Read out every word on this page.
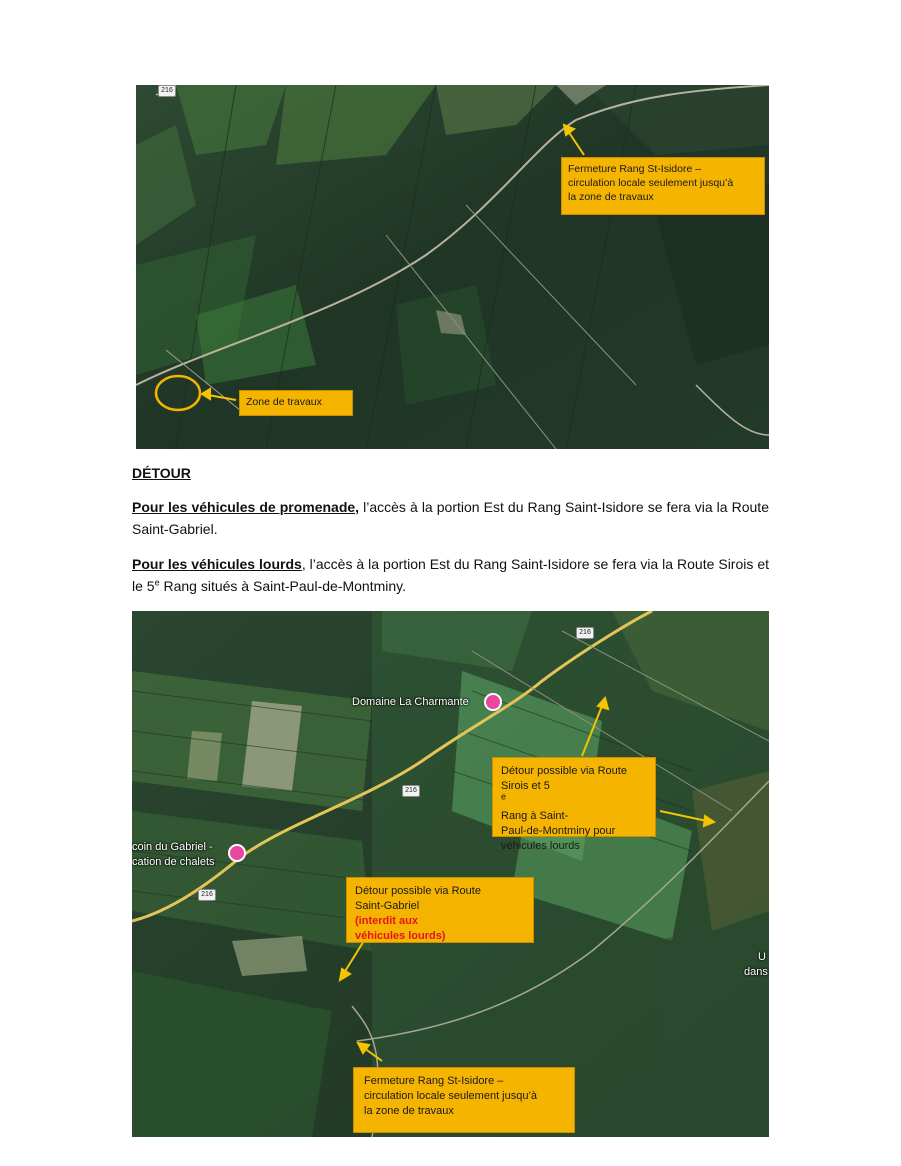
216
Fermeture Rang St-Isidore –
circulation locale seulement jusqu’à
la zone de travaux
Zone de travaux
DÉTOUR
Pour les véhicules de promenade, l’accès à la portion Est du Rang Saint-Isidore se fera via la Route Saint-Gabriel.
Pour les véhicules lourds, l’accès à la portion Est du Rang Saint-Isidore se fera via la Route Sirois et le 5e Rang situés à Saint-Paul-de-Montminy.
216
216
216
Domaine La Charmante
coin du Gabriel -
cation de chalets
U
dans
Détour possible via Route
Sirois et 5
$^e$
Rang à Saint-
Paul-de-Montminy pour
véhicules lourds
Détour possible via Route
Saint-Gabriel
(interdit aux
véhicules lourds)
Fermeture Rang St-Isidore –
circulation locale seulement jusqu’à
la zone de travaux
